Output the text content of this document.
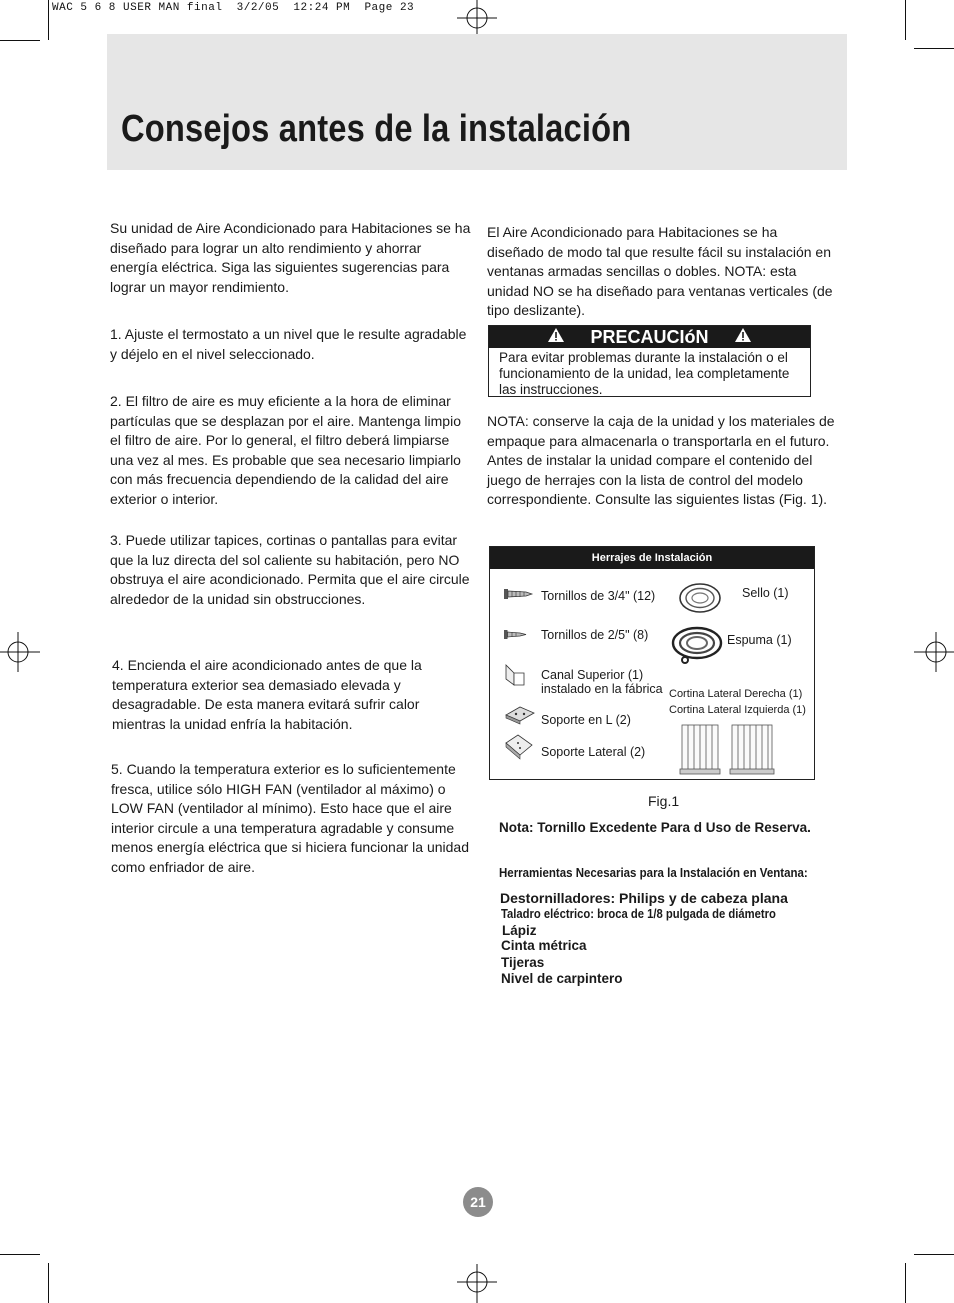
WAC 5 6 8 USER MAN final  3/2/05  12:24 PM  Page 23
Consejos antes de la instalación
Su unidad de Aire Acondicionado para Habitaciones se ha diseñado para lograr un alto rendimiento y ahorrar energía eléctrica. Siga las siguientes sugerencias para lograr un mayor rendimiento.
1. Ajuste el termostato a un nivel que le resulte agradable y déjelo en el nivel seleccionado.
2. El filtro de aire es muy eficiente a la hora de eliminar partículas que se desplazan por el aire. Mantenga limpio el filtro de aire. Por lo general, el filtro deberá limpiarse una vez al mes. Es probable que sea necesario limpiarlo con más frecuencia dependiendo de la calidad del aire exterior o interior.
3. Puede utilizar tapices, cortinas o pantallas para evitar que la luz directa del sol caliente su habitación, pero NO obstruya el aire acondicionado. Permita que el aire circule alrededor de la unidad sin obstrucciones.
4. Encienda el aire acondicionado antes de que la temperatura exterior sea demasiado elevada y desagradable. De esta manera evitará sufrir calor mientras la unidad enfría la habitación.
5. Cuando la temperatura exterior es lo suficientemente fresca, utilice sólo HIGH FAN (ventilador al máximo) o LOW FAN (ventilador al mínimo). Esto hace que el aire interior circule a una temperatura agradable y consume menos energía eléctrica que si hiciera funcionar la unidad como enfriador de aire.
El Aire Acondicionado para Habitaciones se ha diseñado de modo tal que resulte fácil su instalación en ventanas armadas sencillas o dobles. NOTA: esta unidad NO se ha diseñado para ventanas verticales (de tipo deslizante).
PRECAUCIóN
Para evitar problemas durante la instalación o el funcionamiento de la unidad, lea completamente las instrucciones.
NOTA: conserve la caja de la unidad y los materiales de empaque para almacenarla o transportarla en el futuro. Antes de instalar la unidad compare el contenido del juego de herrajes con la lista de control del modelo correspondiente. Consulte las siguientes listas (Fig. 1).
Herrajes de Instalación
Tornillos de 3/4" (12)
Tornillos de 2/5" (8)
Canal Superior (1)
instalado en la fábrica
Soporte en L (2)
Soporte Lateral (2)
Sello (1)
Espuma (1)
Cortina Lateral Derecha (1)
Cortina Lateral Izquierda (1)
Fig.1
Nota: Tornillo Excedente Para d Uso de Reserva.
Herramientas Necesarias para la Instalación en Ventana:
Destornilladores: Philips y de cabeza plana
Taladro eléctrico: broca de 1/8 pulgada de diámetro
Lápiz
Cinta métrica
Tijeras
Nivel de carpintero
21
